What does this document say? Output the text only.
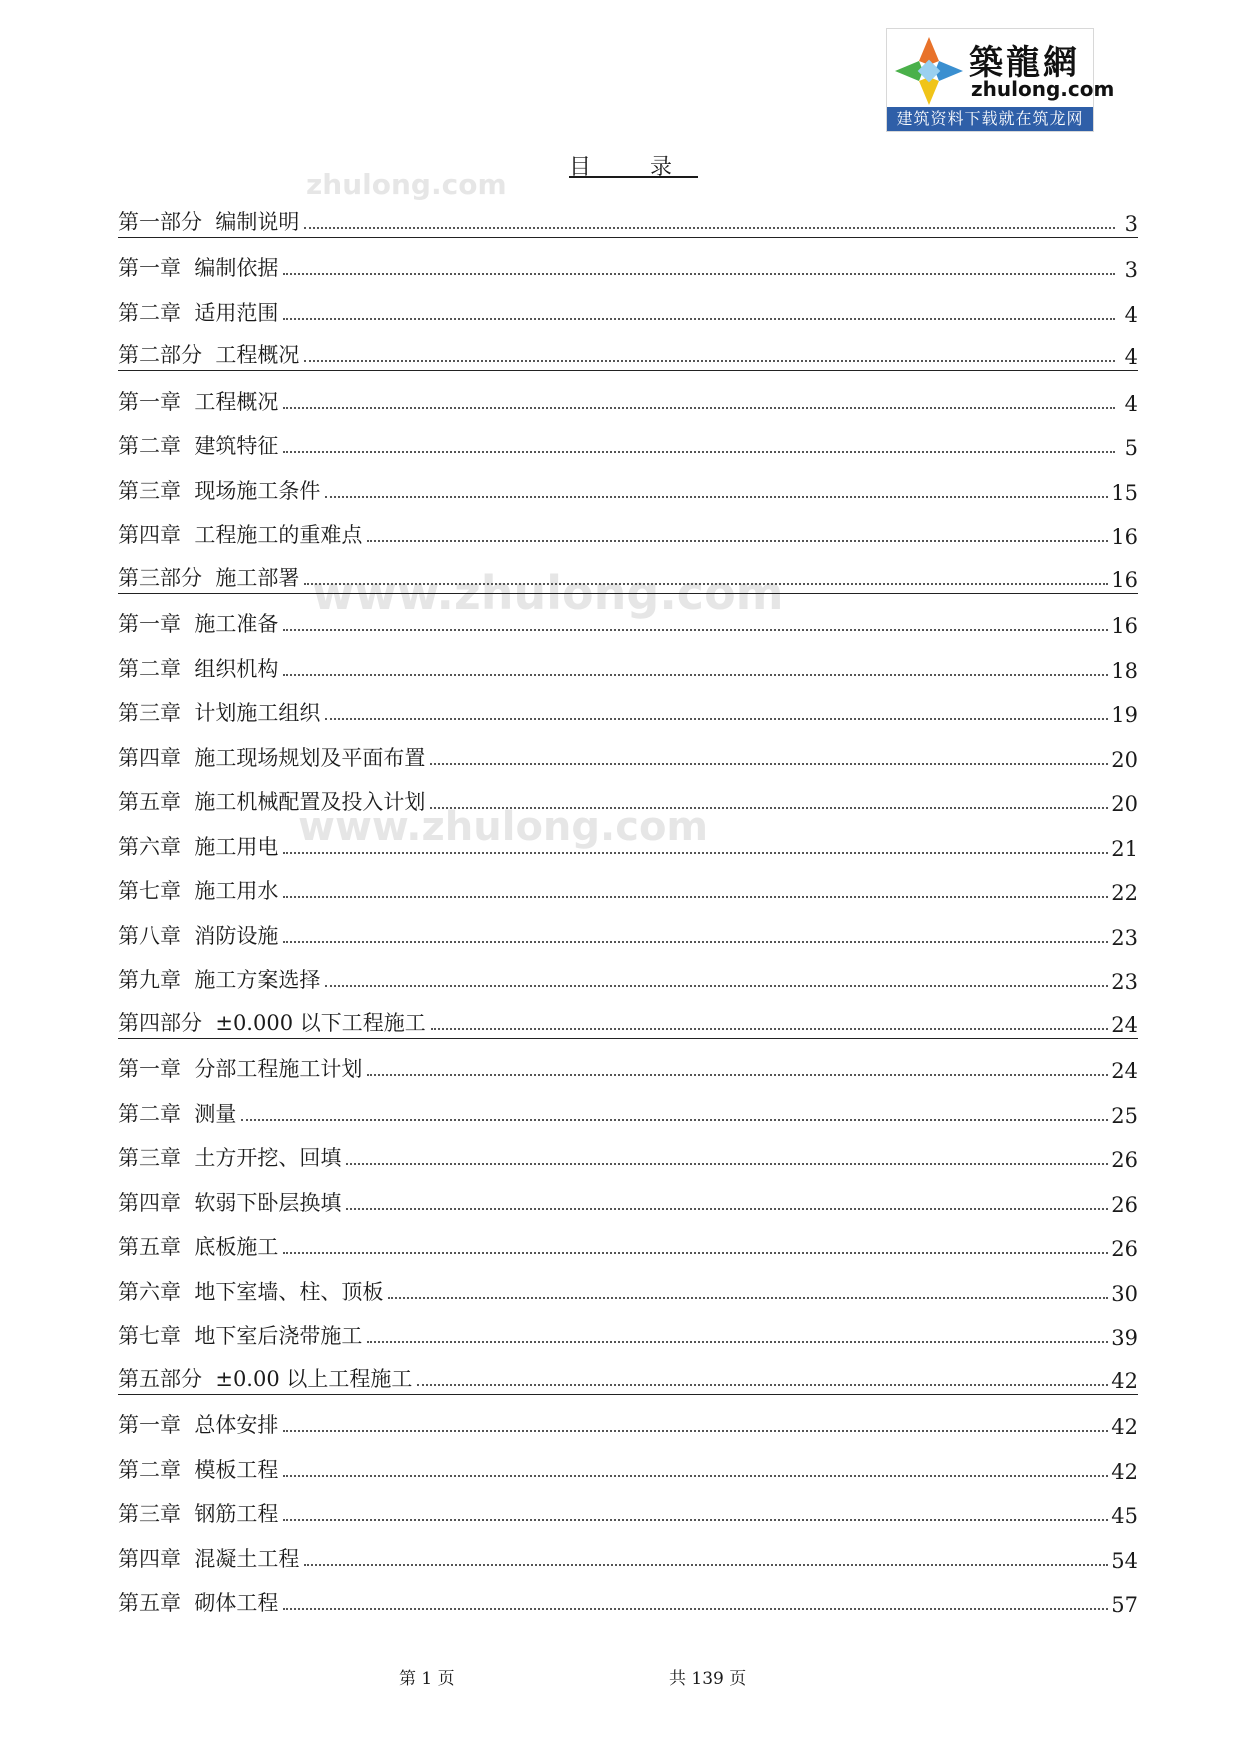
築龍網
zhulong.com
建筑资料下载就在筑龙网
zhulong.com
www.zhulong.com
www.zhulong.com
目 录
第一部分  编制说明	3
第一章  编制依据	3
第二章  适用范围	4
第二部分  工程概况	4
第一章  工程概况	4
第二章  建筑特征	5
第三章  现场施工条件	15
第四章  工程施工的重难点	16
第三部分  施工部署	16
第一章  施工准备	16
第二章  组织机构	18
第三章  计划施工组织	19
第四章  施工现场规划及平面布置	20
第五章  施工机械配置及投入计划	20
第六章  施工用电	21
第七章  施工用水	22
第八章  消防设施	23
第九章  施工方案选择	23
第四部分  ±0.000 以下工程施工	24
第一章  分部工程施工计划	24
第二章  测量	25
第三章  土方开挖、回填	26
第四章  软弱下卧层换填	26
第五章  底板施工	26
第六章  地下室墙、柱、顶板	30
第七章  地下室后浇带施工	39
第五部分  ±0.00 以上工程施工	42
第一章  总体安排	42
第二章  模板工程	42
第三章  钢筋工程	45
第四章  混凝土工程	54
第五章  砌体工程	57
第 1 页	共 139 页
